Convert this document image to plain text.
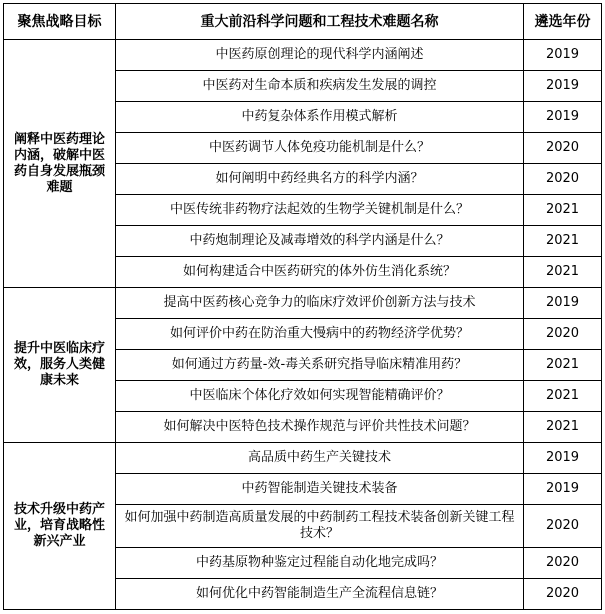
聚焦战略目标	重大前沿科学问题和工程技术难题名称	遴选年份
阐释中医药理论内涵，破解中医药自身发展瓶颈难题	中医药原创理论的现代科学内涵阐述	2019
	中医药对生命本质和疾病发生发展的调控	2019
	中药复杂体系作用模式解析	2019
	中医药调节人体免疫功能机制是什么？	2020
	如何阐明中药经典名方的科学内涵？	2020
	中医传统非药物疗法起效的生物学关键机制是什么？	2021
	中药炮制理论及减毒增效的科学内涵是什么？	2021
	如何构建适合中医药研究的体外仿生消化系统？	2021
提升中医临床疗效，服务人类健康未来	提高中医药核心竞争力的临床疗效评价创新方法与技术	2019
	如何评价中药在防治重大慢病中的药物经济学优势？	2020
	如何通过方药量-效-毒关系研究指导临床精准用药？	2021
	中医临床个体化疗效如何实现智能精确评价？	2021
	如何解决中医特色技术操作规范与评价共性技术问题？	2021
技术升级中药产业，培育战略性新兴产业	高品质中药生产关键技术	2019
	中药智能制造关键技术装备	2019
	如何加强中药制造高质量发展的中药制药工程技术装备创新关键工程技术？	2020
	中药基原物种鉴定过程能自动化地完成吗？	2020
	如何优化中药智能制造生产全流程信息链？	2020
